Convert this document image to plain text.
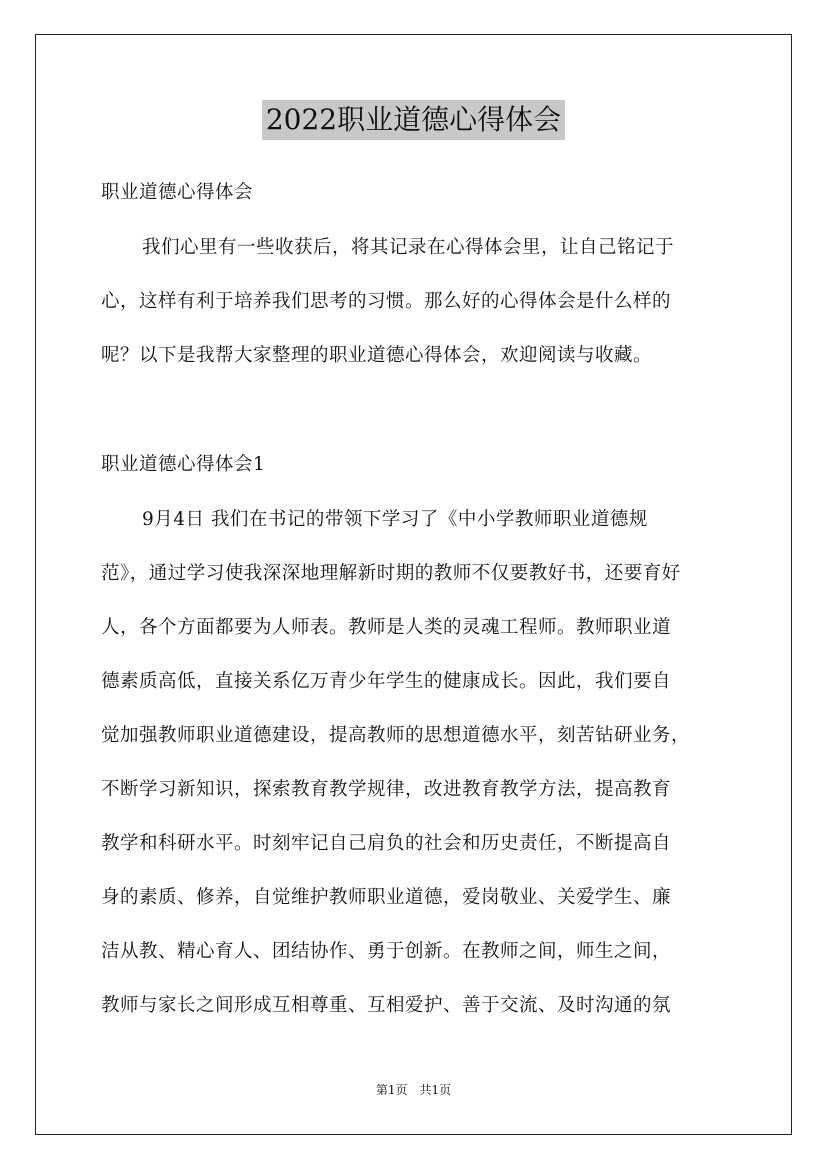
2022职业道德心得体会
职业道德心得体会
我们心里有一些收获后，将其记录在心得体会里，让自己铭记于
心，这样有利于培养我们思考的习惯。那么好的心得体会是什么样的
呢？以下是我帮大家整理的职业道德心得体会，欢迎阅读与收藏。
职业道德心得体会1
9月4日 我们在书记的带领下学习了《中小学教师职业道德规
范》，通过学习使我深深地理解新时期的教师不仅要教好书，还要育好
人，各个方面都要为人师表。教师是人类的灵魂工程师。教师职业道
德素质高低，直接关系亿万青少年学生的健康成长。因此，我们要自
觉加强教师职业道德建设，提高教师的思想道德水平，刻苦钻研业务，
不断学习新知识，探索教育教学规律，改进教育教学方法，提高教育
教学和科研水平。时刻牢记自己肩负的社会和历史责任，不断提高自
身的素质、修养，自觉维护教师职业道德，爱岗敬业、关爱学生、廉
洁从教、精心育人、团结协作、勇于创新。在教师之间，师生之间，
教师与家长之间形成互相尊重、互相爱护、善于交流、及时沟通的氛
第1页　共1页
